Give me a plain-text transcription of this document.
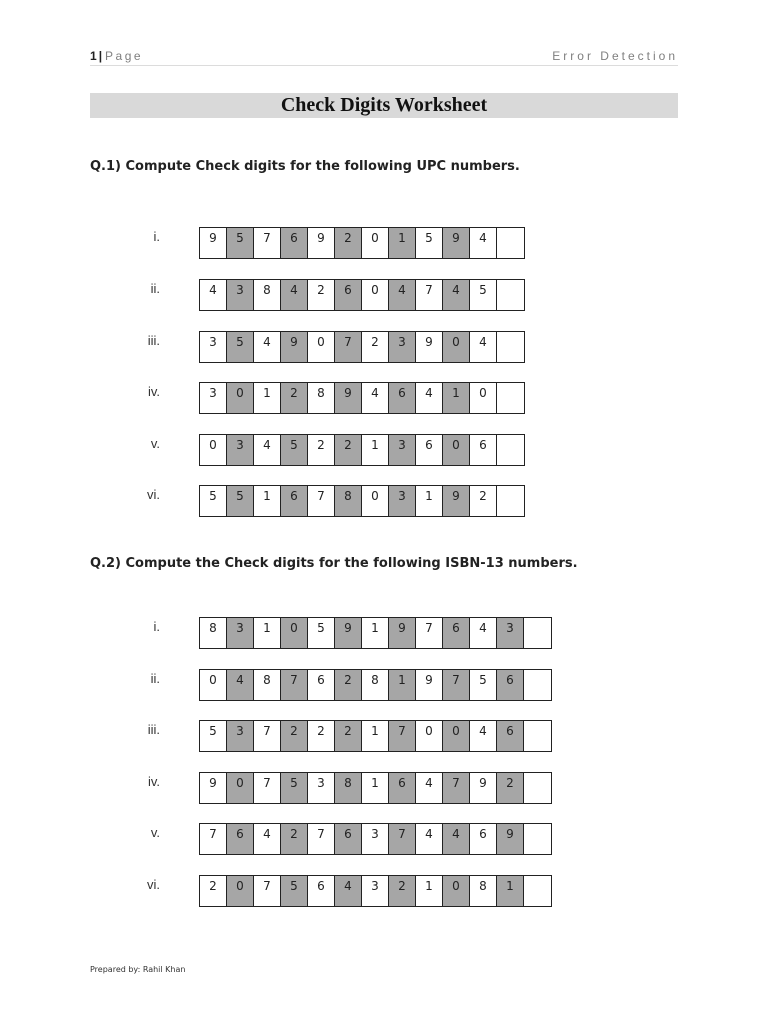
1 | Page	Error Detection
Check Digits Worksheet
Q.1) Compute Check digits for the following UPC numbers.
i.	9	5	7	6	9	2	0	1	5	9	4
ii.	4	3	8	4	2	6	0	4	7	4	5
iii.	3	5	4	9	0	7	2	3	9	0	4
iv.	3	0	1	2	8	9	4	6	4	1	0
v.	0	3	4	5	2	2	1	3	6	0	6
vi.	5	5	1	6	7	8	0	3	1	9	2
Q.2) Compute the Check digits for the following ISBN-13 numbers.
i.	8	3	1	0	5	9	1	9	7	6	4	3
ii.	0	4	8	7	6	2	8	1	9	7	5	6
iii.	5	3	7	2	2	2	1	7	0	0	4	6
iv.	9	0	7	5	3	8	1	6	4	7	9	2
v.	7	6	4	2	7	6	3	7	4	4	6	9
vi.	2	0	7	5	6	4	3	2	1	0	8	1
Prepared by: Rahil Khan
